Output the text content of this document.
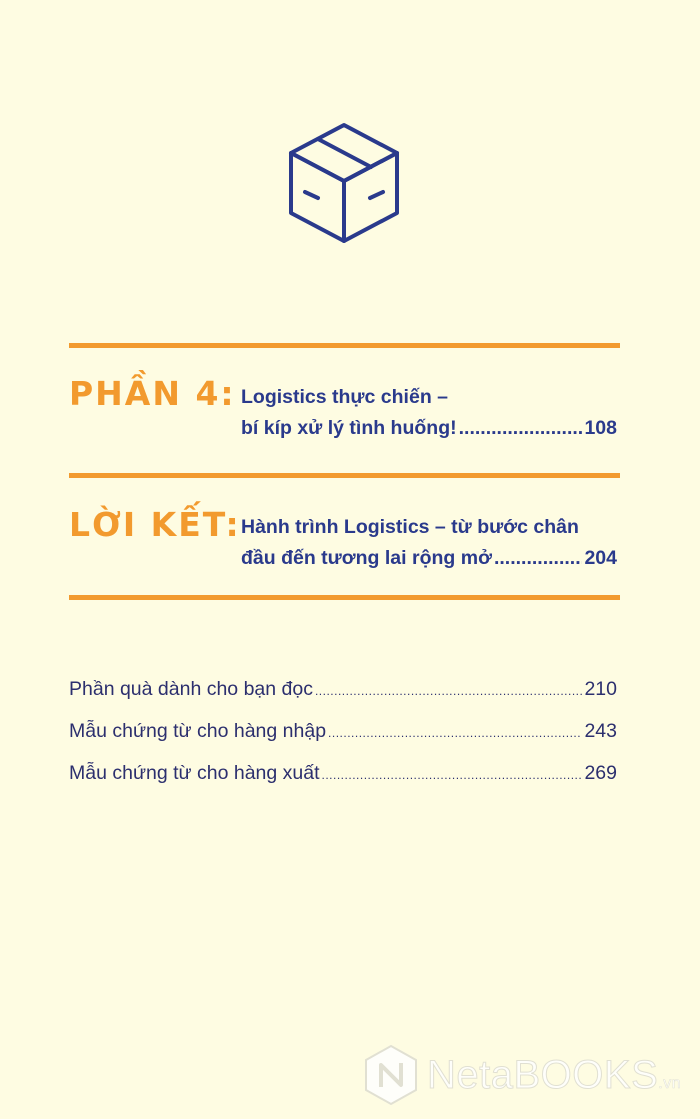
PHẦN 4: Logistics thực chiến –
bí kíp xử lý tình huống! .....	108
LỜI KẾT: Hành trình Logistics – từ bước chân
đầu đến tương lai rộng mở .....	204
Phần quà dành cho bạn đọc .....	210
Mẫu chứng từ cho hàng nhập .....	243
Mẫu chứng từ cho hàng xuất .....	269
NetaBOOKS.vn
